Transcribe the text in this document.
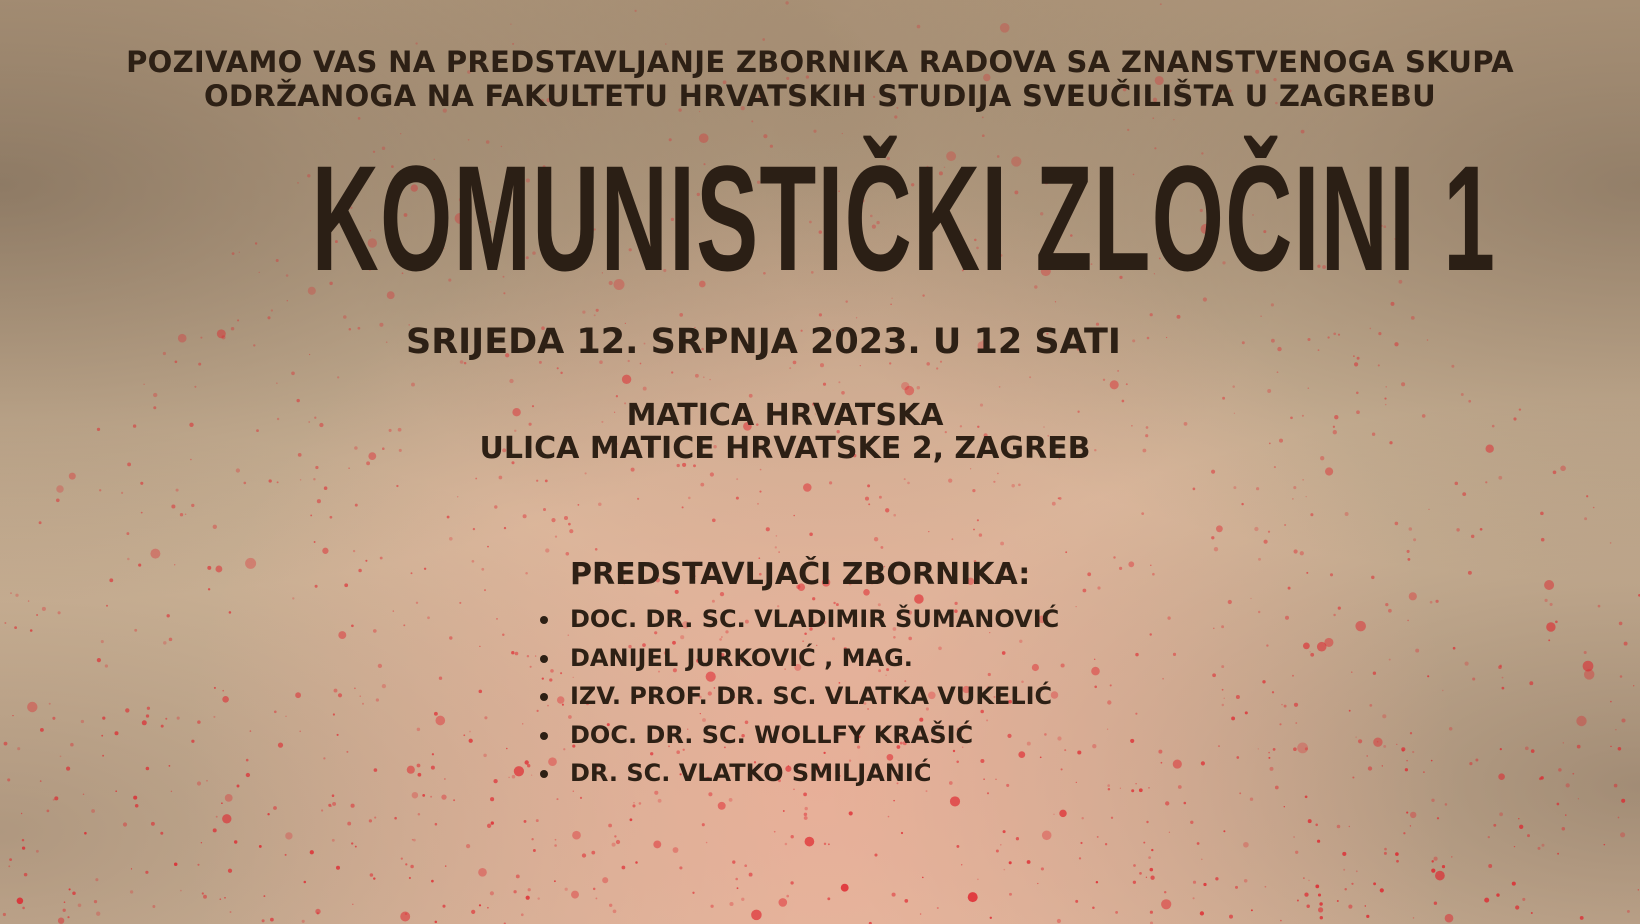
POZIVAMO VAS NA PREDSTAVLJANJE ZBORNIKA RADOVA SA ZNANSTVENOGA SKUPA
ODRŽANOGA NA FAKULTETU HRVATSKIH STUDIJA SVEUČILIŠTA U ZAGREBU
KOMUNISTIČKI ZLOČINI 1
SRIJEDA 12. SRPNJA 2023. U 12 SATI
MATICA HRVATSKA
ULICA MATICE HRVATSKE 2, ZAGREB
PREDSTAVLJAČI ZBORNIKA:
DOC. DR. SC. VLADIMIR ŠUMANOVIĆ
DANIJEL JURKOVIĆ , MAG.
IZV. PROF. DR. SC. VLATKA VUKELIĆ
DOC. DR. SC. WOLLFY KRAŠIĆ
DR. SC. VLATKO SMILJANIĆ
